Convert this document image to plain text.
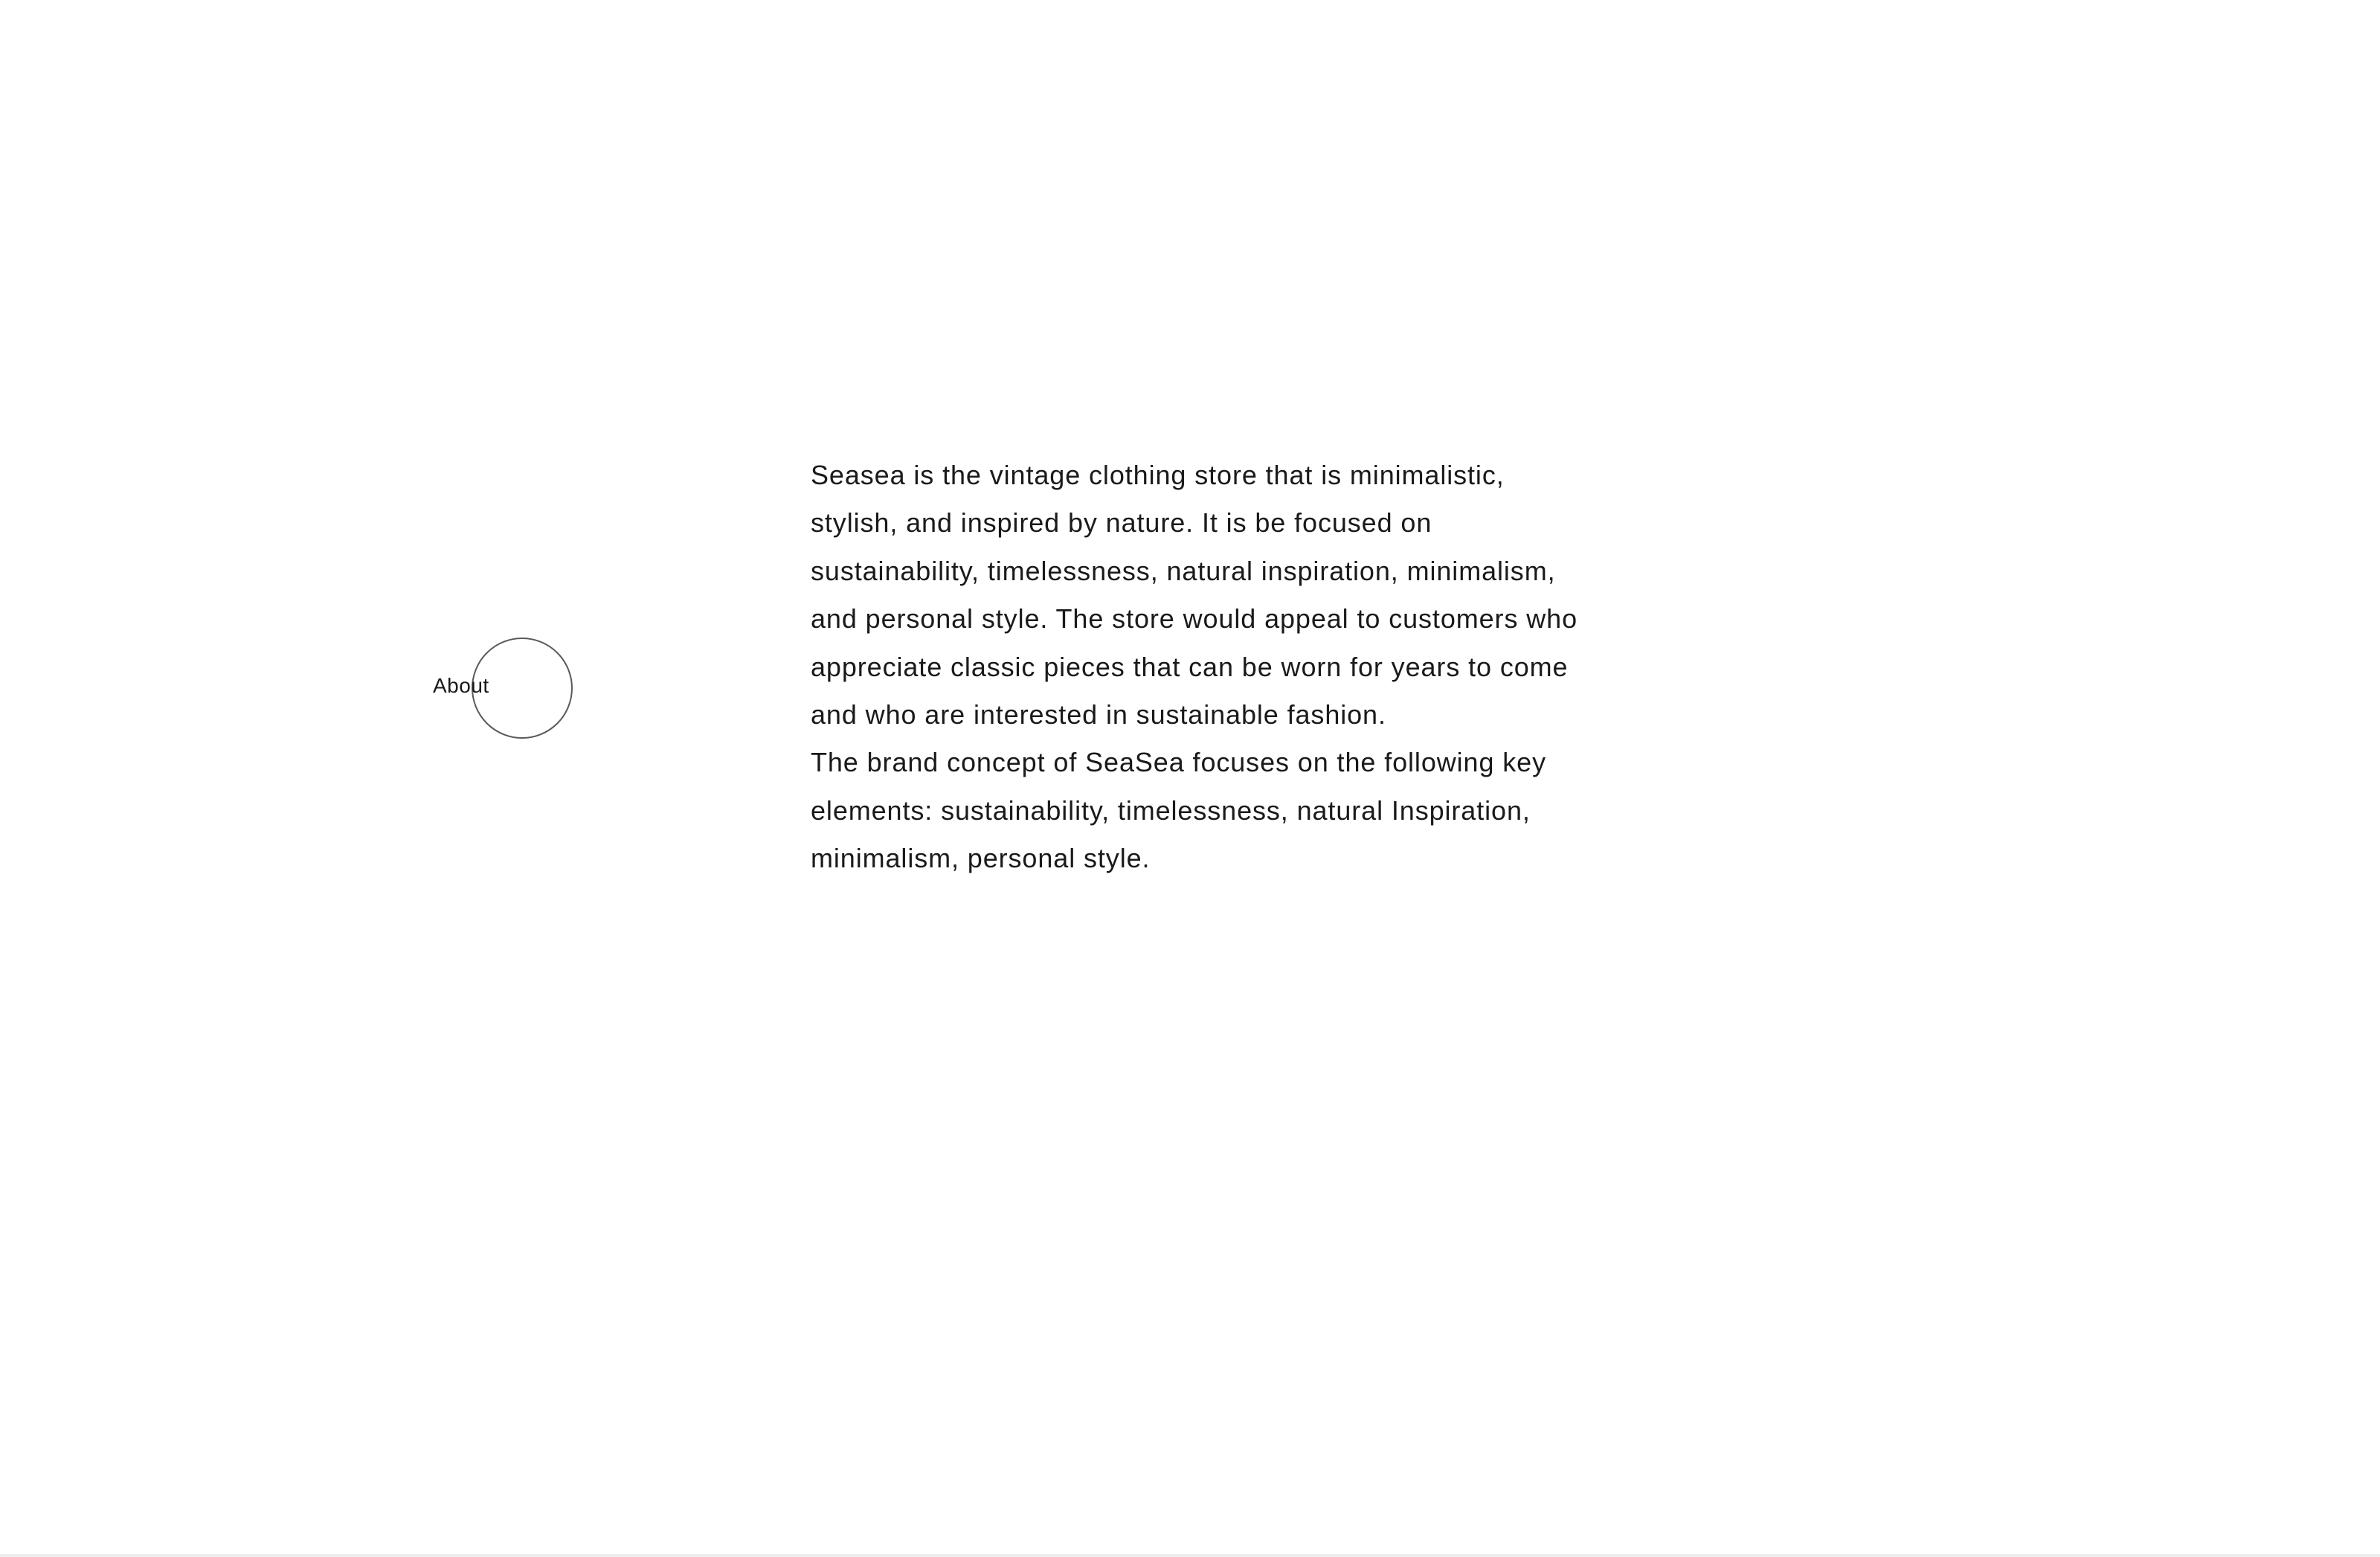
About

Seasea is the vintage clothing store that is minimalistic, stylish, and inspired by nature. It is be focused on sustainability, timelessness, natural inspiration, minimalism, and personal style. The store would appeal to customers who appreciate classic pieces that can be worn for years to come and who are interested in sustainable fashion.

The brand concept of SeaSea focuses on the following key elements: sustainability, timelessness, natural Inspiration, minimalism, personal style.
